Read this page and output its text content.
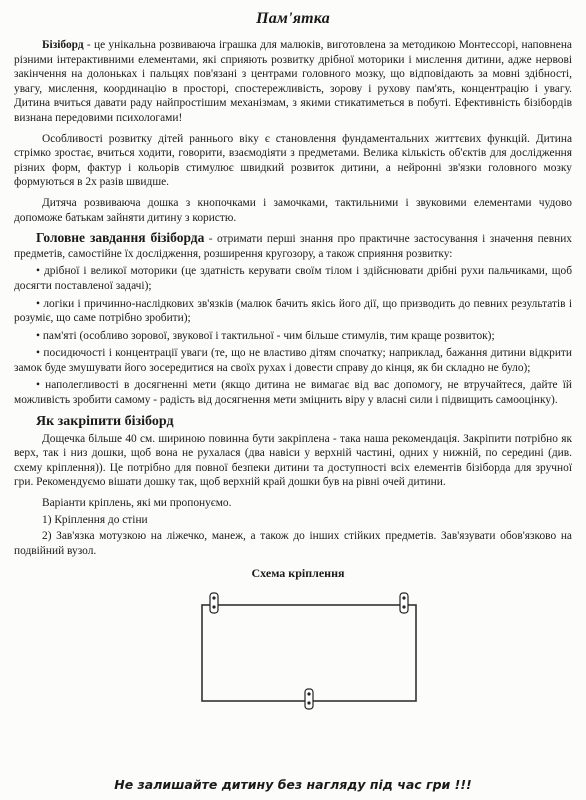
Пам'ятка

Бізіборд - це унікальна розвиваюча іграшка для малюків, виготовлена за методикою Монтессорі, наповнена різними інтерактивними елементами, які сприяють розвитку дрібної моторики і мислення дитини, адже нервові закінчення на долоньках і пальцях пов'язані з центрами головного мозку, що відповідають за мовні здібності, увагу, мислення, координацію в просторі, спостережливість, зорову і рухову пам'ять, концентрацію і увагу. Дитина вчиться давати раду найпростішим механізмам, з якими стикатиметься в побуті. Ефективність бізібордів визнана передовими психологами!

Особливості розвитку дітей раннього віку є становлення фундаментальних життєвих функцій. Дитина стрімко зростає, вчиться ходити, говорити, взаємодіяти з предметами. Велика кількість об'єктів для дослідження різних форм, фактур і кольорів стимулює швидкий розвиток дитини, а нейронні зв'язки головного мозку формуються в 2х разів швидше.

Дитяча розвиваюча дошка з кнопочками і замочками, тактильними і звуковими елементами чудово допоможе батькам зайняти дитину з користю.

Головне завдання бізіборда - отримати перші знання про практичне застосування і значення певних предметів, самостійне їх дослідження, розширення кругозору, а також сприяння розвитку:

• дрібної і великої моторики (це здатність керувати своїм тілом і здійснювати дрібні рухи пальчиками, щоб досягти поставленої задачі);

• логіки і причинно-наслідкових зв'язків (малюк бачить якісь його дії, що призводить до певних результатів і розуміє, що саме потрібно зробити);

• пам'яті (особливо зорової, звукової і тактильної - чим більше стимулів, тим краще розвиток);

• посидючості і концентрації уваги (те, що не властиво дітям спочатку; наприклад, бажання дитини відкрити замок буде змушувати його зосередитися на своїх рухах і довести справу до кінця, як би складно не було);

• наполегливості в досягненні мети (якщо дитина не вимагає від вас допомогу, не втручайтеся, дайте їй можливість зробити самому - радість від досягнення мети зміцнить віру у власні сили і підвищить самооцінку).

Як закріпити бізіборд

Дощечка більше 40 см. шириною повинна бути закріплена - така наша рекомендація. Закріпити потрібно як верх, так і низ дошки, щоб вона не рухалася (два навіси у верхній частині, одних у нижній, по середині (див. схему кріплення)). Це потрібно для повної безпеки дитини та доступності всіх елементів бізіборда для зручної гри. Рекомендуємо вішати дошку так, щоб верхній край дошки був на рівні очей дитини.

Варіанти кріплень, які ми пропонуємо.

1) Кріплення до стіни

2) Зав'язка мотузкою на ліжечко, манеж, а також до інших стійких предметів. Зав'язувати обов'язково на подвійний вузол.

Схема кріплення
Не залишайте дитину без нагляду під час гри !!!
